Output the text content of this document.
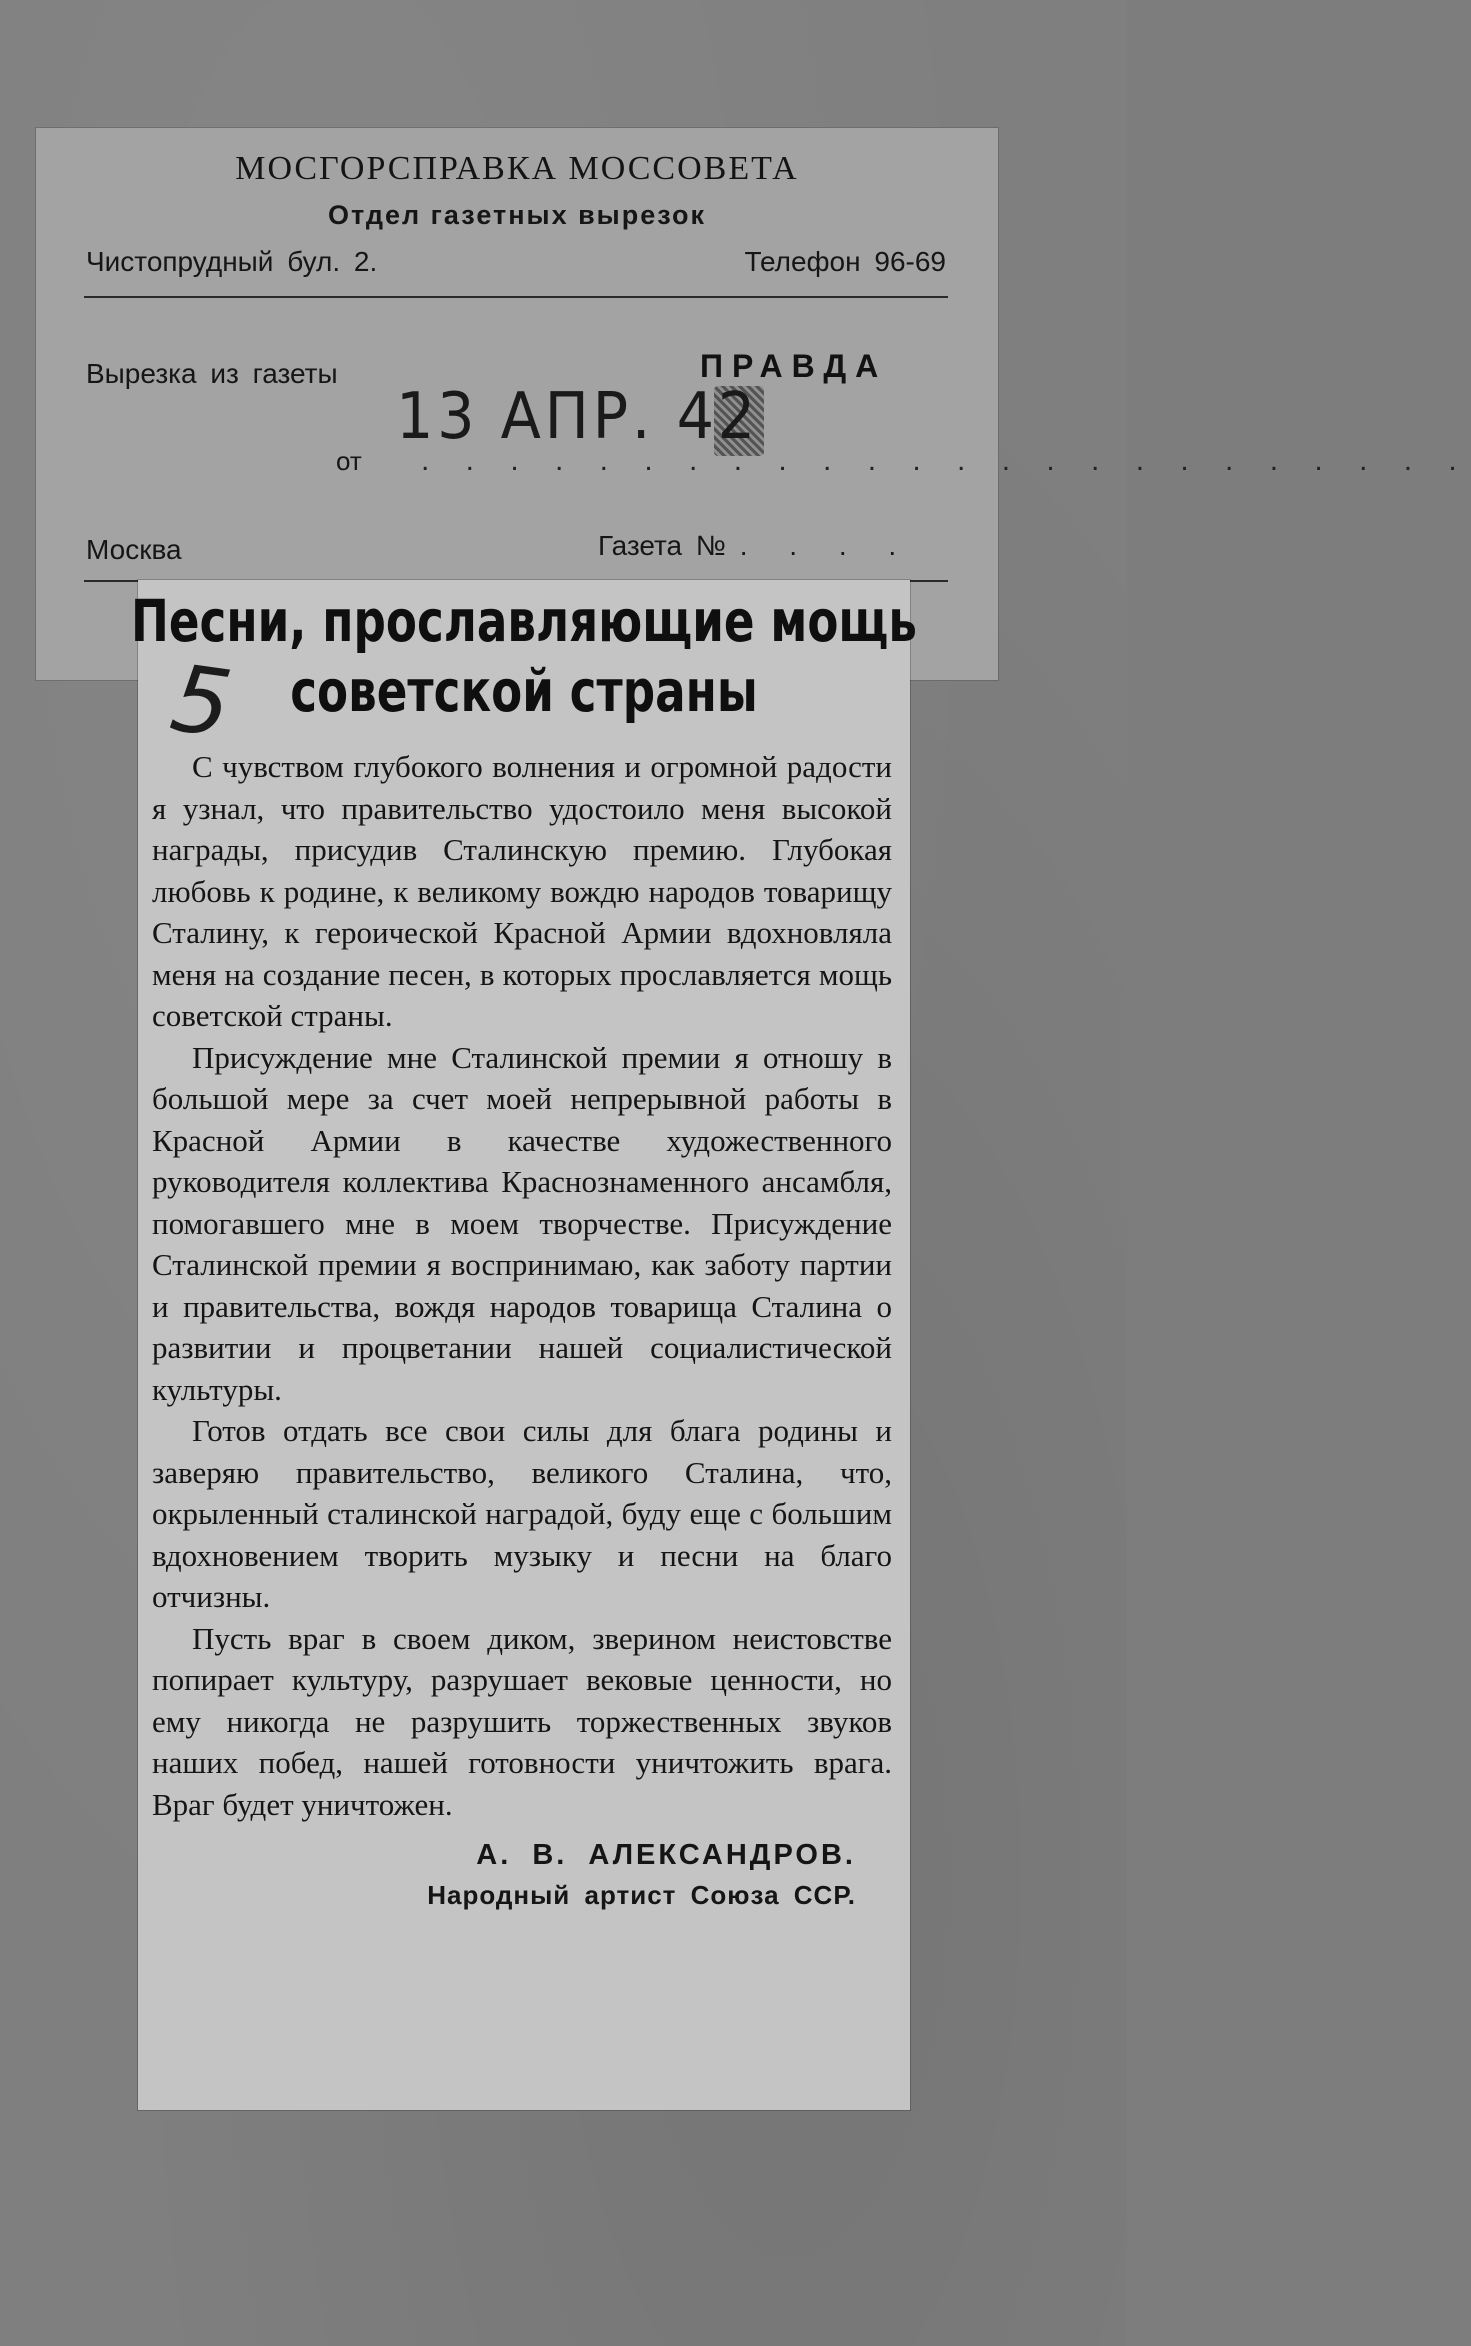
МОСГОРСПРАВКА МОССОВЕТА
Отдел газетных вырезок
Чистопрудный бул. 2.	Телефон 96-69
Вырезка из газеты	ПРАВДА
от
13 АПР. 42
. . . . . . . . . . . . . . . . . . . . . . . .
Москва	Газета № . . . .
Песни, прославляющие мощь
советской страны
5

С чувством глубокого волнения и огромной радости я узнал, что правительство удостоило меня высокой награды, присудив Сталинскую премию. Глубокая любовь к родине, к великому вождю народов товарищу Сталину, к героической Красной Армии вдохновляла меня на создание песен, в которых прославляется мощь советской страны.

Присуждение мне Сталинской премии я отношу в большой мере за счет моей непрерывной работы в Красной Армии в качестве художественного руководителя коллектива Краснознаменного ансамбля, помогавшего мне в моем творчестве. Присуждение Сталинской премии я воспринимаю, как заботу партии и правительства, вождя народов товарища Сталина о развитии и процветании нашей социалистической культуры.

Готов отдать все свои силы для блага родины и заверяю правительство, великого Сталина, что, окрыленный сталинской наградой, буду еще с большим вдохновением творить музыку и песни на благо отчизны.

Пусть враг в своем диком, зверином неистовстве попирает культуру, разрушает вековые ценности, но ему никогда не разрушить торжественных звуков наших побед, нашей готовности уничтожить врага. Враг будет уничтожен.

А. В. АЛЕКСАНДРОВ.
Народный артист Союза ССР.
